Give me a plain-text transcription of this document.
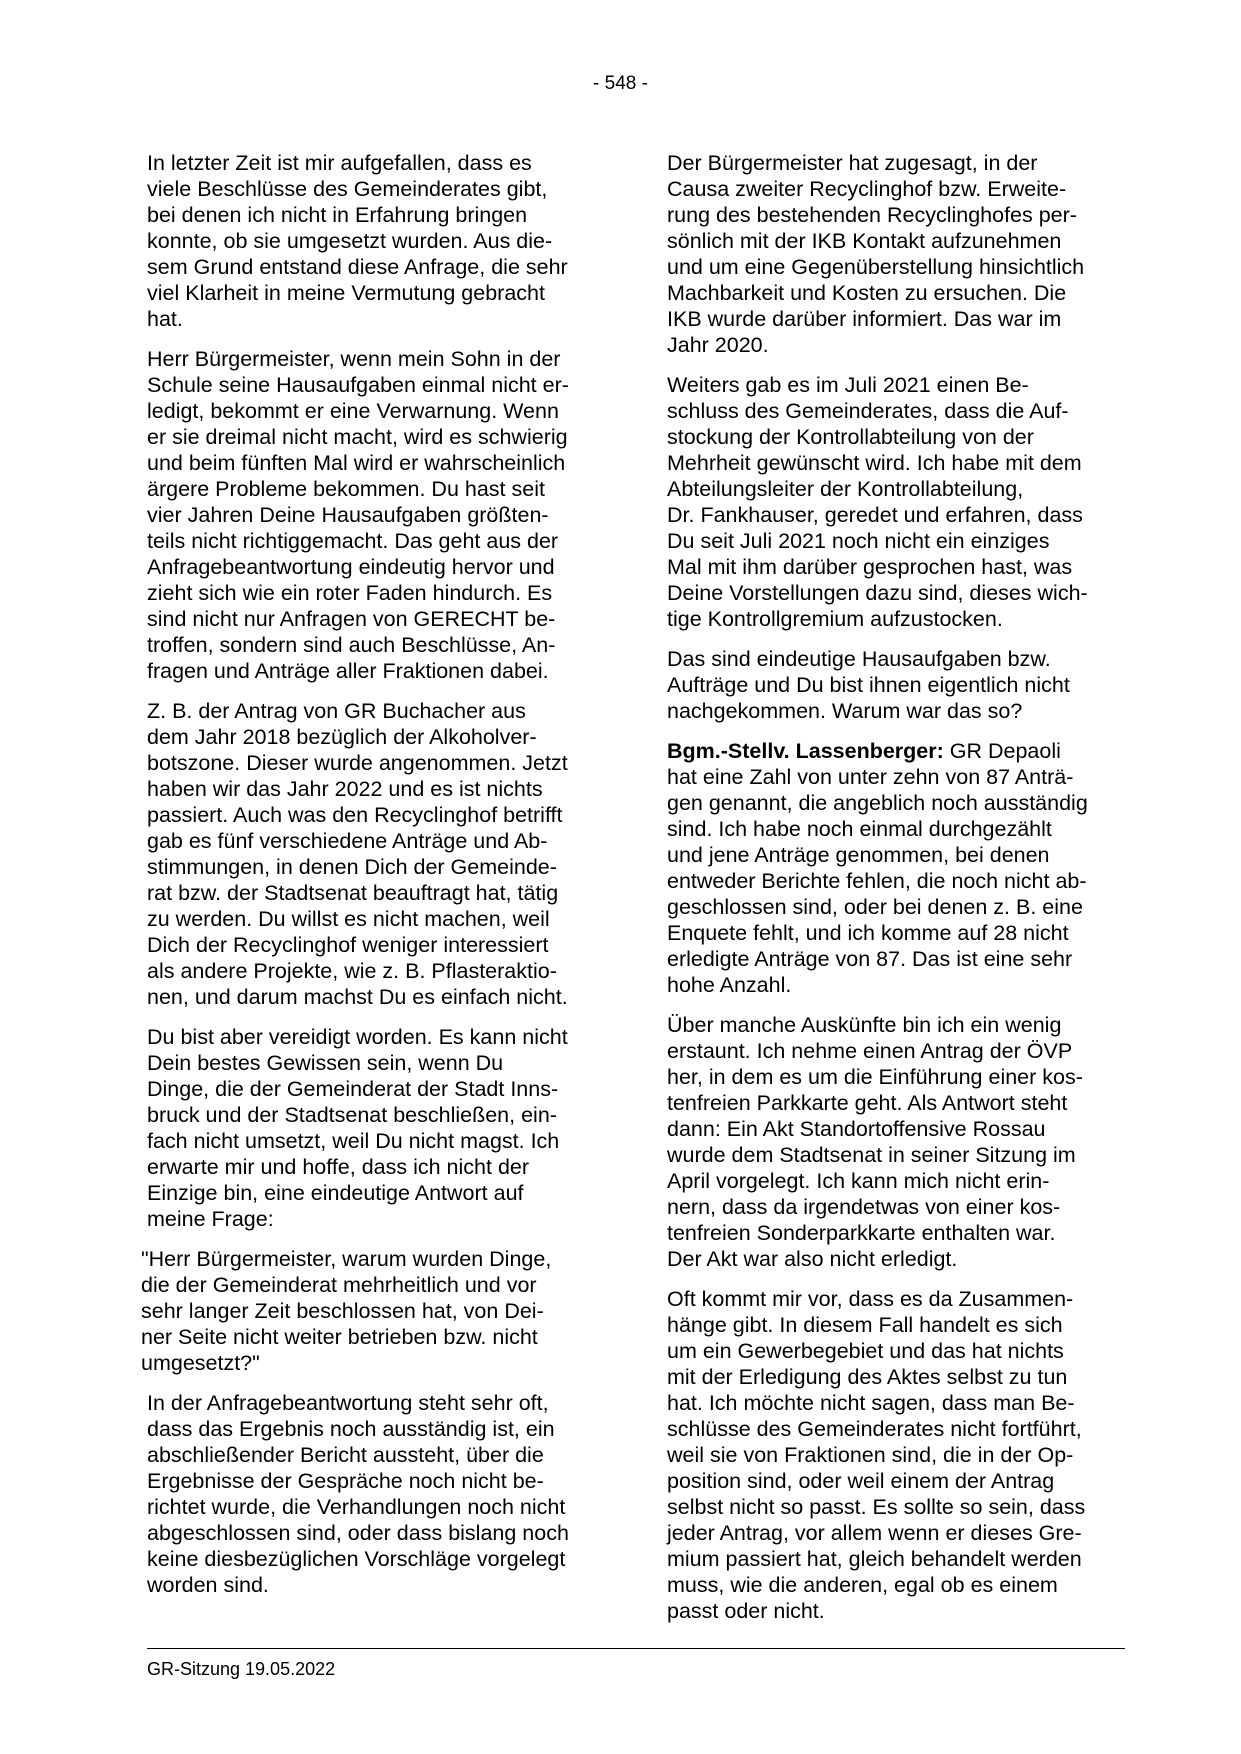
- 548 -

In letzter Zeit ist mir aufgefallen, dass es
viele Beschlüsse des Gemeinderates gibt,
bei denen ich nicht in Erfahrung bringen
konnte, ob sie umgesetzt wurden. Aus die-
sem Grund entstand diese Anfrage, die sehr
viel Klarheit in meine Vermutung gebracht
hat.

Herr Bürgermeister, wenn mein Sohn in der
Schule seine Hausaufgaben einmal nicht er-
ledigt, bekommt er eine Verwarnung. Wenn
er sie dreimal nicht macht, wird es schwierig
und beim fünften Mal wird er wahrscheinlich
ärgere Probleme bekommen. Du hast seit
vier Jahren Deine Hausaufgaben größten-
teils nicht richtiggemacht. Das geht aus der
Anfragebeantwortung eindeutig hervor und
zieht sich wie ein roter Faden hindurch. Es
sind nicht nur Anfragen von GERECHT be-
troffen, sondern sind auch Beschlüsse, An-
fragen und Anträge aller Fraktionen dabei.

Z. B. der Antrag von GR Buchacher aus
dem Jahr 2018 bezüglich der Alkoholver-
botszone. Dieser wurde angenommen. Jetzt
haben wir das Jahr 2022 und es ist nichts
passiert. Auch was den Recyclinghof betrifft
gab es fünf verschiedene Anträge und Ab-
stimmungen, in denen Dich der Gemeinde-
rat bzw. der Stadtsenat beauftragt hat, tätig
zu werden. Du willst es nicht machen, weil
Dich der Recyclinghof weniger interessiert
als andere Projekte, wie z. B. Pflasteraktio-
nen, und darum machst Du es einfach nicht.

Du bist aber vereidigt worden. Es kann nicht
Dein bestes Gewissen sein, wenn Du
Dinge, die der Gemeinderat der Stadt Inns-
bruck und der Stadtsenat beschließen, ein-
fach nicht umsetzt, weil Du nicht magst. Ich
erwarte mir und hoffe, dass ich nicht der
Einzige bin, eine eindeutige Antwort auf
meine Frage:

"Herr Bürgermeister, warum wurden Dinge,
die der Gemeinderat mehrheitlich und vor
sehr langer Zeit beschlossen hat, von Dei-
ner Seite nicht weiter betrieben bzw. nicht
umgesetzt?"

In der Anfragebeantwortung steht sehr oft,
dass das Ergebnis noch ausständig ist, ein
abschließender Bericht aussteht, über die
Ergebnisse der Gespräche noch nicht be-
richtet wurde, die Verhandlungen noch nicht
abgeschlossen sind, oder dass bislang noch
keine diesbezüglichen Vorschläge vorgelegt
worden sind.

Der Bürgermeister hat zugesagt, in der
Causa zweiter Recyclinghof bzw. Erweite-
rung des bestehenden Recyclinghofes per-
sönlich mit der IKB Kontakt aufzunehmen
und um eine Gegenüberstellung hinsichtlich
Machbarkeit und Kosten zu ersuchen. Die
IKB wurde darüber informiert. Das war im
Jahr 2020.

Weiters gab es im Juli 2021 einen Be-
schluss des Gemeinderates, dass die Auf-
stockung der Kontrollabteilung von der
Mehrheit gewünscht wird. Ich habe mit dem
Abteilungsleiter der Kontrollabteilung,
Dr. Fankhauser, geredet und erfahren, dass
Du seit Juli 2021 noch nicht ein einziges
Mal mit ihm darüber gesprochen hast, was
Deine Vorstellungen dazu sind, dieses wich-
tige Kontrollgremium aufzustocken.

Das sind eindeutige Hausaufgaben bzw.
Aufträge und Du bist ihnen eigentlich nicht
nachgekommen. Warum war das so?

Bgm.-Stellv. Lassenberger: GR Depaoli
hat eine Zahl von unter zehn von 87 Anträ-
gen genannt, die angeblich noch ausständig
sind. Ich habe noch einmal durchgezählt
und jene Anträge genommen, bei denen
entweder Berichte fehlen, die noch nicht ab-
geschlossen sind, oder bei denen z. B. eine
Enquete fehlt, und ich komme auf 28 nicht
erledigte Anträge von 87. Das ist eine sehr
hohe Anzahl.

Über manche Auskünfte bin ich ein wenig
erstaunt. Ich nehme einen Antrag der ÖVP
her, in dem es um die Einführung einer kos-
tenfreien Parkkarte geht. Als Antwort steht
dann: Ein Akt Standortoffensive Rossau
wurde dem Stadtsenat in seiner Sitzung im
April vorgelegt. Ich kann mich nicht erin-
nern, dass da irgendetwas von einer kos-
tenfreien Sonderparkkarte enthalten war.
Der Akt war also nicht erledigt.

Oft kommt mir vor, dass es da Zusammen-
hänge gibt. In diesem Fall handelt es sich
um ein Gewerbegebiet und das hat nichts
mit der Erledigung des Aktes selbst zu tun
hat. Ich möchte nicht sagen, dass man Be-
schlüsse des Gemeinderates nicht fortführt,
weil sie von Fraktionen sind, die in der Op-
position sind, oder weil einem der Antrag
selbst nicht so passt. Es sollte so sein, dass
jeder Antrag, vor allem wenn er dieses Gre-
mium passiert hat, gleich behandelt werden
muss, wie die anderen, egal ob es einem
passt oder nicht.

GR-Sitzung 19.05.2022
